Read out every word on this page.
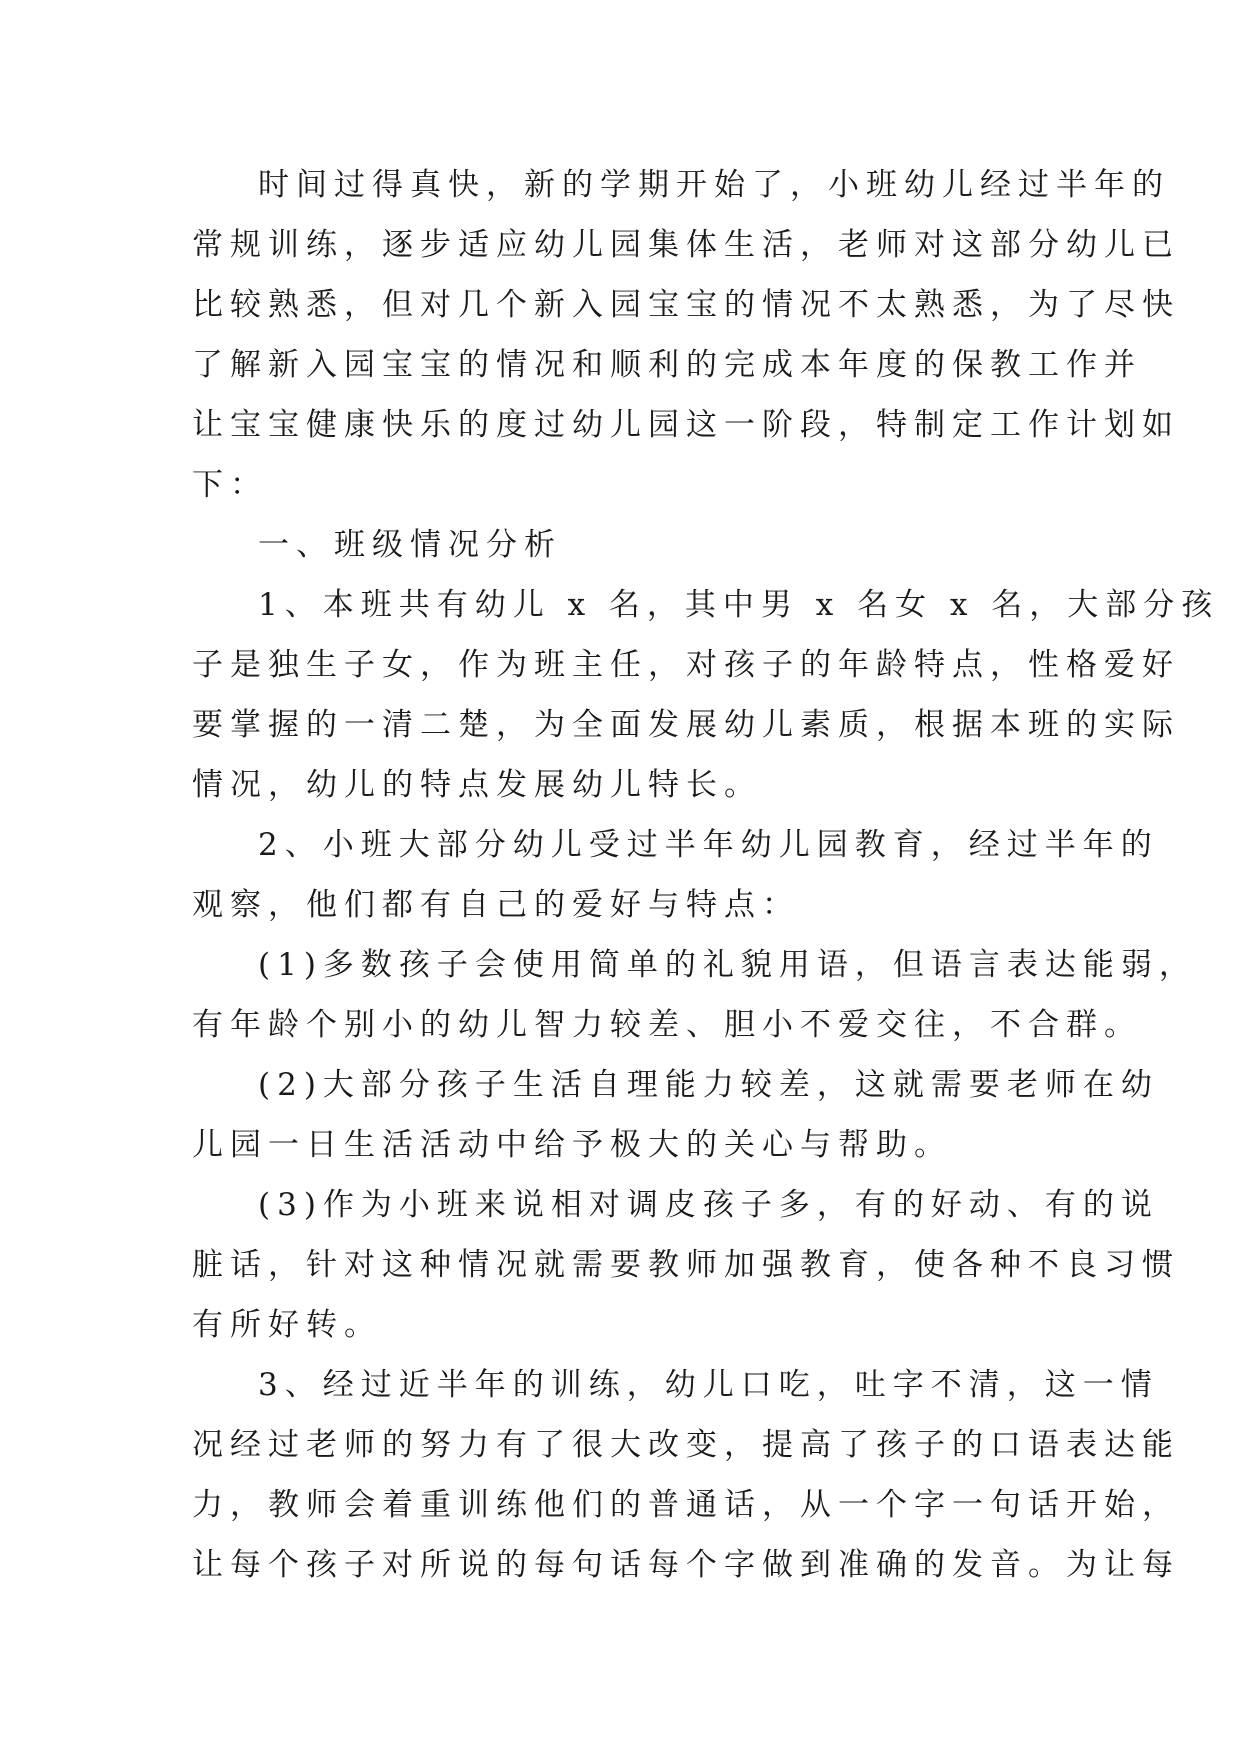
时间过得真快，新的学期开始了，小班幼儿经过半年的
常规训练，逐步适应幼儿园集体生活，老师对这部分幼儿已
比较熟悉，但对几个新入园宝宝的情况不太熟悉，为了尽快
了解新入园宝宝的情况和顺利的完成本年度的保教工作并
让宝宝健康快乐的度过幼儿园这一阶段，特制定工作计划如
下：
一、班级情况分析
1、本班共有幼儿 x 名，其中男 x 名女 x 名，大部分孩
子是独生子女，作为班主任，对孩子的年龄特点，性格爱好
要掌握的一清二楚，为全面发展幼儿素质，根据本班的实际
情况，幼儿的特点发展幼儿特长。
2、小班大部分幼儿受过半年幼儿园教育，经过半年的
观察，他们都有自己的爱好与特点：
(1)多数孩子会使用简单的礼貌用语，但语言表达能弱，
有年龄个别小的幼儿智力较差、胆小不爱交往，不合群。
(2)大部分孩子生活自理能力较差，这就需要老师在幼
儿园一日生活活动中给予极大的关心与帮助。
(3)作为小班来说相对调皮孩子多，有的好动、有的说
脏话，针对这种情况就需要教师加强教育，使各种不良习惯
有所好转。
3、经过近半年的训练，幼儿口吃，吐字不清，这一情
况经过老师的努力有了很大改变，提高了孩子的口语表达能
力，教师会着重训练他们的普通话，从一个字一句话开始，
让每个孩子对所说的每句话每个字做到准确的发音。为让每
